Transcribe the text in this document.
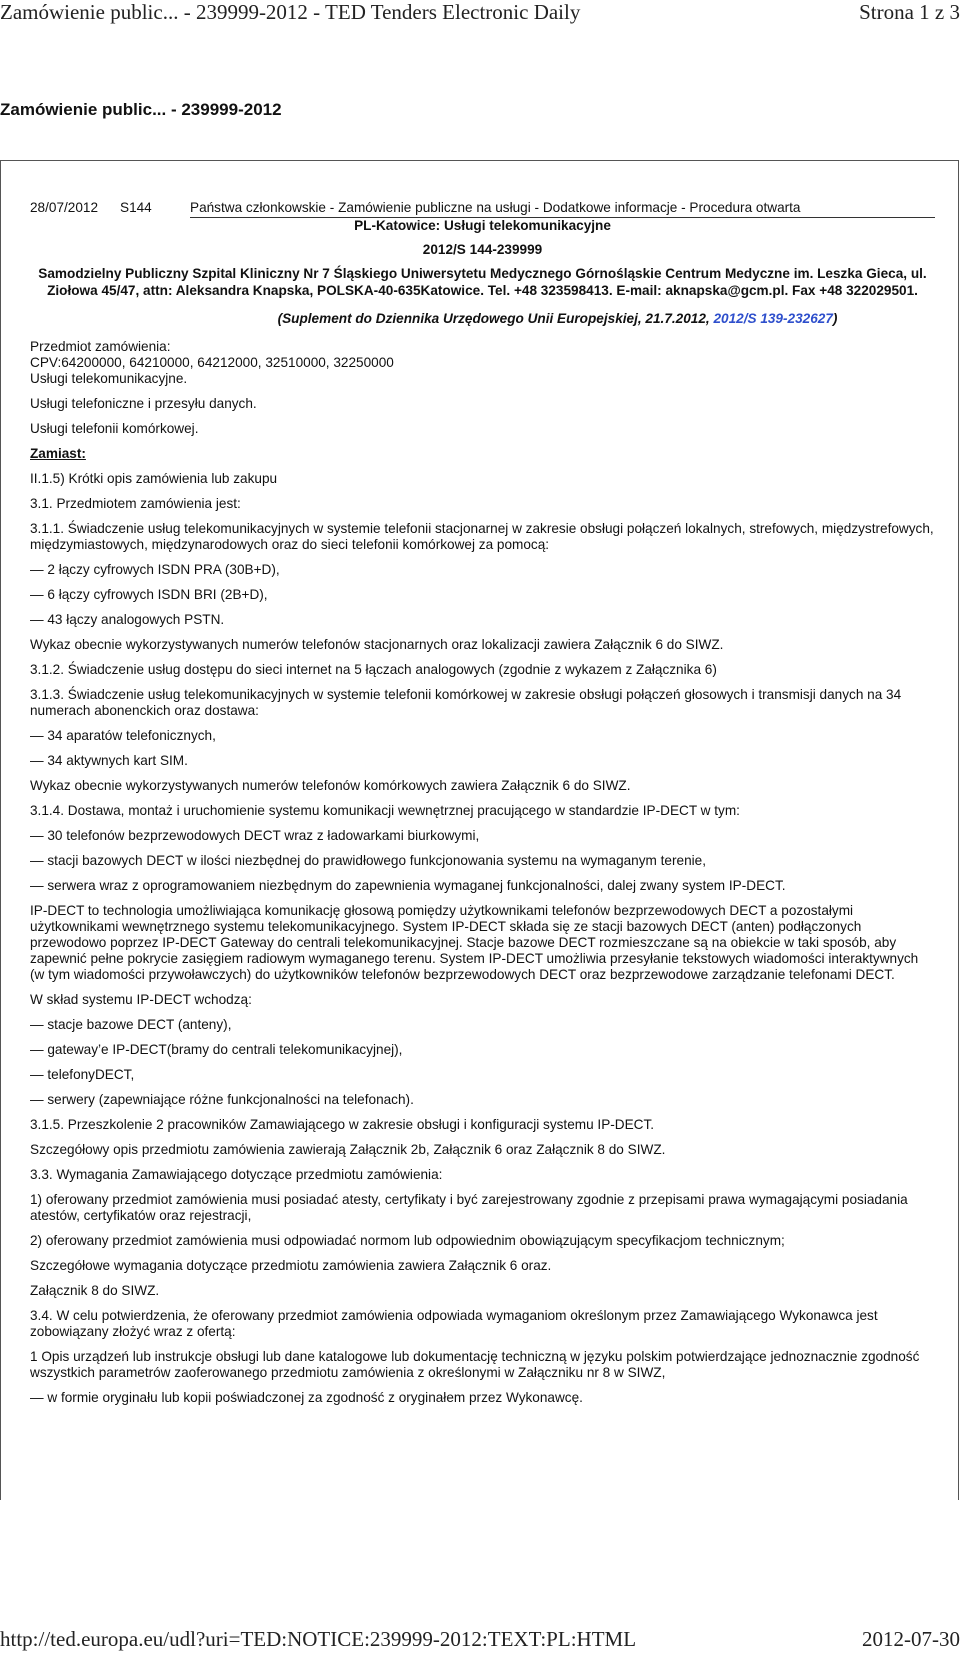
Zamówienie public... - 239999-2012 - TED Tenders Electronic Daily	Strona 1 z 3
Zamówienie public... - 239999-2012
28/07/2012	S144	Państwa członkowskie - Zamówienie publiczne na usługi - Dodatkowe informacje - Procedura otwarta
PL-Katowice: Usługi telekomunikacyjne
2012/S 144-239999
Samodzielny Publiczny Szpital Kliniczny Nr 7 Śląskiego Uniwersytetu Medycznego Górnośląskie Centrum Medyczne im. Leszka Gieca, ul. Ziołowa 45/47, attn: Aleksandra Knapska, POLSKA-40-635Katowice. Tel. +48 323598413. E-mail: aknapska@gcm.pl. Fax +48 322029501.
(Suplement do Dziennika Urzędowego Unii Europejskiej, 21.7.2012, 2012/S 139-232627)
Przedmiot zamówienia:
CPV:64200000, 64210000, 64212000, 32510000, 32250000

Usługi telekomunikacyjne.

Usługi telefoniczne i przesyłu danych.

Usługi telefonii komórkowej.

Zamiast:

II.1.5) Krótki opis zamówienia lub zakupu

3.1. Przedmiotem zamówienia jest:

3.1.1. Świadczenie usług telekomunikacyjnych w systemie telefonii stacjonarnej w zakresie obsługi połączeń lokalnych, strefowych, międzystrefowych, międzymiastowych, międzynarodowych oraz do sieci telefonii komórkowej za pomocą:

— 2 łączy cyfrowych ISDN PRA (30B+D),

— 6 łączy cyfrowych ISDN BRI (2B+D),

— 43 łączy analogowych PSTN.

Wykaz obecnie wykorzystywanych numerów telefonów stacjonarnych oraz lokalizacji zawiera Załącznik 6 do SIWZ.

3.1.2. Świadczenie usług dostępu do sieci internet na 5 łączach analogowych (zgodnie z wykazem z Załącznika 6)

3.1.3. Świadczenie usług telekomunikacyjnych w systemie telefonii komórkowej w zakresie obsługi połączeń głosowych i transmisji danych na 34 numerach abonenckich oraz dostawa:

— 34 aparatów telefonicznych,

— 34 aktywnych kart SIM.

Wykaz obecnie wykorzystywanych numerów telefonów komórkowych zawiera Załącznik 6 do SIWZ.

3.1.4. Dostawa, montaż i uruchomienie systemu komunikacji wewnętrznej pracującego w standardzie IP-DECT w tym:

— 30 telefonów bezprzewodowych DECT wraz z ładowarkami biurkowymi,

— stacji bazowych DECT w ilości niezbędnej do prawidłowego funkcjonowania systemu na wymaganym terenie,

— serwera wraz z oprogramowaniem niezbędnym do zapewnienia wymaganej funkcjonalności, dalej zwany system IP-DECT.

IP-DECT to technologia umożliwiająca komunikację głosową pomiędzy użytkownikami telefonów bezprzewodowych DECT a pozostałymi użytkownikami wewnętrznego systemu telekomunikacyjnego. System IP-DECT składa się ze stacji bazowych DECT (anten) podłączonych przewodowo poprzez IP-DECT Gateway do centrali telekomunikacyjnej. Stacje bazowe DECT rozmieszczane są na obiekcie w taki sposób, aby zapewnić pełne pokrycie zasięgiem radiowym wymaganego terenu. System IP-DECT umożliwia przesyłanie tekstowych wiadomości interaktywnych (w tym wiadomości przywoławczych) do użytkowników telefonów bezprzewodowych DECT oraz bezprzewodowe zarządzanie telefonami DECT.

W skład systemu IP-DECT wchodzą:

— stacje bazowe DECT (anteny),

— gateway’e IP-DECT(bramy do centrali telekomunikacyjnej),

— telefonyDECT,

— serwery (zapewniające różne funkcjonalności na telefonach).

3.1.5. Przeszkolenie 2 pracowników Zamawiającego w zakresie obsługi i konfiguracji systemu IP-DECT.

Szczegółowy opis przedmiotu zamówienia zawierają Załącznik 2b, Załącznik 6 oraz Załącznik 8 do SIWZ.

3.3. Wymagania Zamawiającego dotyczące przedmiotu zamówienia:

1) oferowany przedmiot zamówienia musi posiadać atesty, certyfikaty i być zarejestrowany zgodnie z przepisami prawa wymagającymi posiadania atestów, certyfikatów oraz rejestracji,

2) oferowany przedmiot zamówienia musi odpowiadać normom lub odpowiednim obowiązującym specyfikacjom technicznym;

Szczegółowe wymagania dotyczące przedmiotu zamówienia zawiera Załącznik 6 oraz.

Załącznik 8 do SIWZ.

3.4. W celu potwierdzenia, że oferowany przedmiot zamówienia odpowiada wymaganiom określonym przez Zamawiającego Wykonawca jest zobowiązany złożyć wraz z ofertą:

1 Opis urządzeń lub instrukcje obsługi lub dane katalogowe lub dokumentację techniczną w języku polskim potwierdzające jednoznacznie zgodność wszystkich parametrów zaoferowanego przedmiotu zamówienia z określonymi w Załączniku nr 8 w SIWZ,

— w formie oryginału lub kopii poświadczonej za zgodność z oryginałem przez Wykonawcę.

http://ted.europa.eu/udl?uri=TED:NOTICE:239999-2012:TEXT:PL:HTML	2012-07-30
